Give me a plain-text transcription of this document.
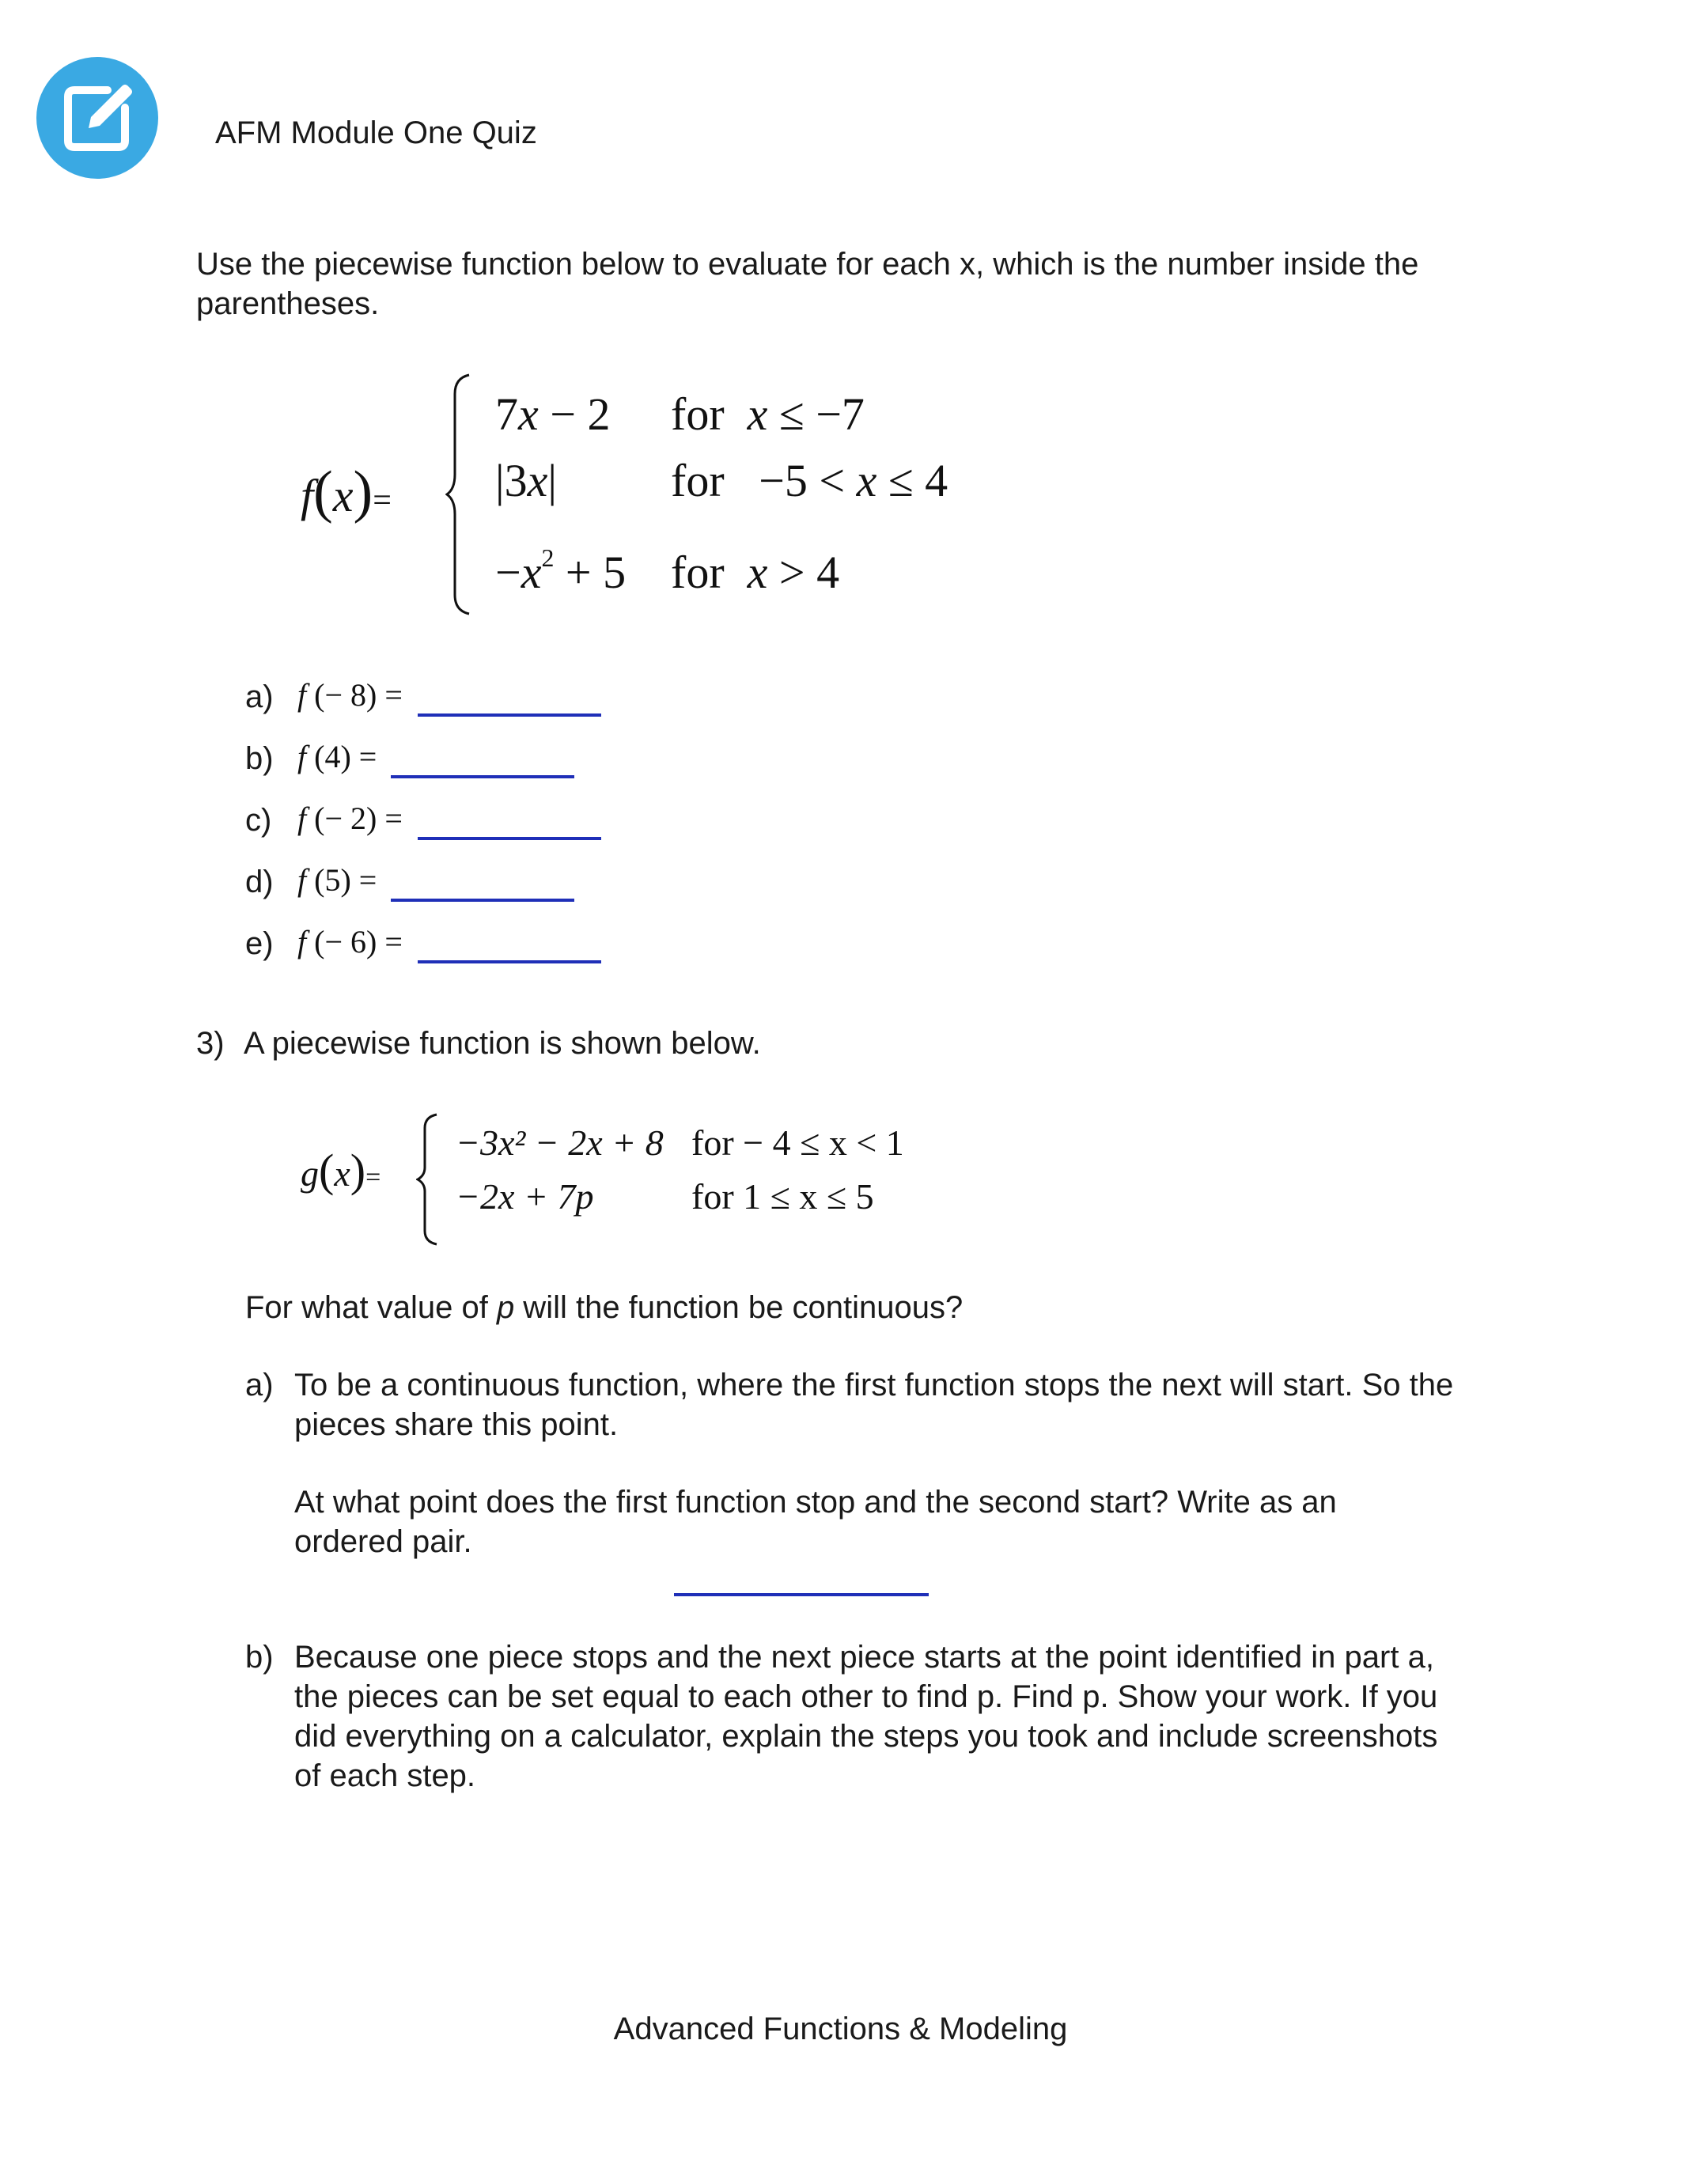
AFM Module One Quiz
Use the piecewise function below to evaluate for each x, which is the number inside the parentheses.
f(x)=
7x − 2 for x ≤ −7
|3x| for −5 < x ≤ 4
$-x^2 + 5$ for x > 4
a) f (− 8) =
b) f (4) =
c) f (− 2) =
d) f (5) =
e) f (− 6) =
3) A piecewise function is shown below.
g(x)=
−3x² − 2x + 8 for − 4 ≤ x < 1
−2x + 7p	for 1 ≤ x ≤ 5
For what value of p will the function be continuous?
a) To be a continuous function, where the first function stops the next will start. So the pieces share this point.
At what point does the first function stop and the second start? Write as an ordered pair.
b) Because one piece stops and the next piece starts at the point identified in part a, the pieces can be set equal to each other to find p. Find p. Show your work. If you did everything on a calculator, explain the steps you took and include screenshots of each step.
Advanced Functions & Modeling
